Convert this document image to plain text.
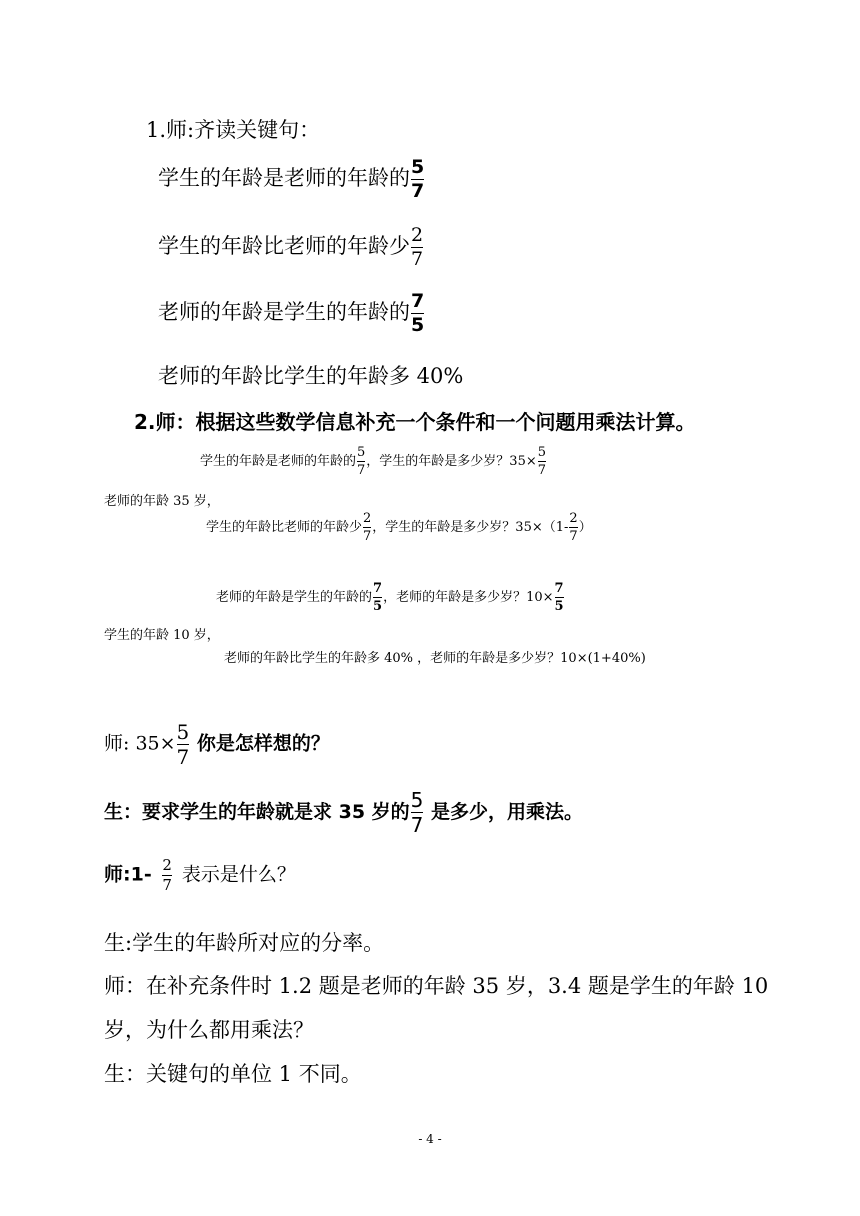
1.师:齐读关键句：
学生的年龄是老师的年龄的 $\frac{5}{7}$
学生的年龄比老师的年龄少 $\frac{2}{7}$
老师的年龄是学生的年龄的 $\frac{7}{5}$
老师的年龄比学生的年龄多 40%
2.师：根据这些数学信息补充一个条件和一个问题用乘法计算。
学生的年龄是老师的年龄的 $\frac{5}{7}$ ，学生的年龄是多少岁？$35\times \frac{5}{7}$
老师的年龄 35 岁，
学生的年龄比老师的年龄少 $\frac{2}{7}$ ，学生的年龄是多少岁？$35\times(1- \frac{2}{7}$ ）
老师的年龄是学生的年龄的 $\frac{7}{5}$ ，老师的年龄是多少岁？$10\times \frac{7}{5}$
学生的年龄 10 岁，
老师的年龄比学生的年龄多 40% ，老师的年龄是多少岁？10×(1+40%)
师: $35\times \frac{5}{7}$ 你是怎样想的？
生：要求学生的年龄就是求 35 岁的 $\frac{5}{7}$ 是多少，用乘法。
师:1- $\frac{2}{7}$ 表示是什么？
生:学生的年龄所对应的分率。
师：在补充条件时 1.2 题是老师的年龄 35 岁，3.4 题是学生的年龄 10
岁，为什么都用乘法？
生：关键句的单位 1 不同。
- 4 -
